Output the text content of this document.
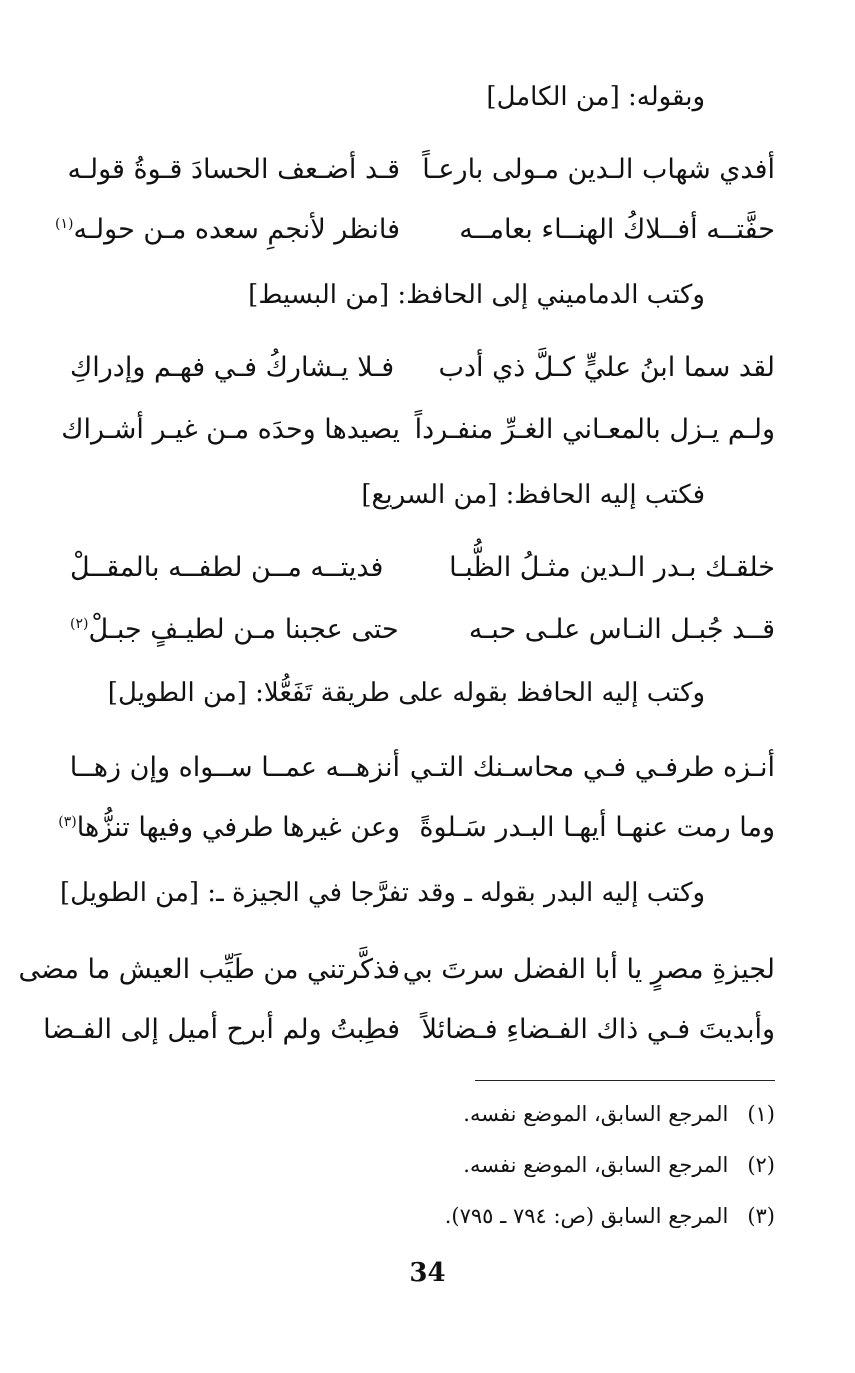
وبقوله: [من الكامل]
أفدي شهاب الـدين مـولى بارعـاً
قـد أضـعف الحسادَ قـوةُ قولـه
حفَّتــه أفــلاكُ الهنــاء بعامــه
فانظر لأنجمِ سعده مـن حولـه$^{(١)}$
وكتب الدماميني إلى الحافظ: [من البسيط]
لقد سما ابنُ عليٍّ كـلَّ ذي أدب
فـلا يـشاركُ فـي فهـم وإدراكِ
ولـم يـزل بالمعـاني الغـرِّ منفـرداً
يصيدها وحدَه مـن غيـر أشـراك
فكتب إليه الحافظ: [من السريع]
خلقـك بـدر الـدين مثـلُ الظُّبـا
فديتــه مــن لطفــه بالمقــلْ
قــد جُبـل النـاس علـى حبـه
حتى عجبنا مـن لطيـفٍ جبـلْ$^{(٢)}$
وكتب إليه الحافظ بقوله على طريقة تَفَعُّلا: [من الطويل]
أنـزه طرفـي فـي محاسـنك التـي
أنزهــه عمــا ســواه وإن زهــا
وما رمت عنهـا أيهـا البـدر سَـلوةً
وعن غيرها طرفي وفيها تنزُّها$^{(٣)}$
وكتب إليه البدر بقوله ـ وقد تفرَّجا في الجيزة ـ: [من الطويل]
لجيزةِ مصرٍ يا أبا الفضل سرتَ بي
فذكَّرتني من طَيِّب العيش ما مضى
وأبديتَ فـي ذاك الفـضاءِ فـضائلاً
فطِبتُ ولم أبرح أميل إلى الفـضا
(١) المرجع السابق، الموضع نفسه.
(٢) المرجع السابق، الموضع نفسه.
(٣) المرجع السابق (ص: ٧٩٤ ـ ٧٩٥).
34
